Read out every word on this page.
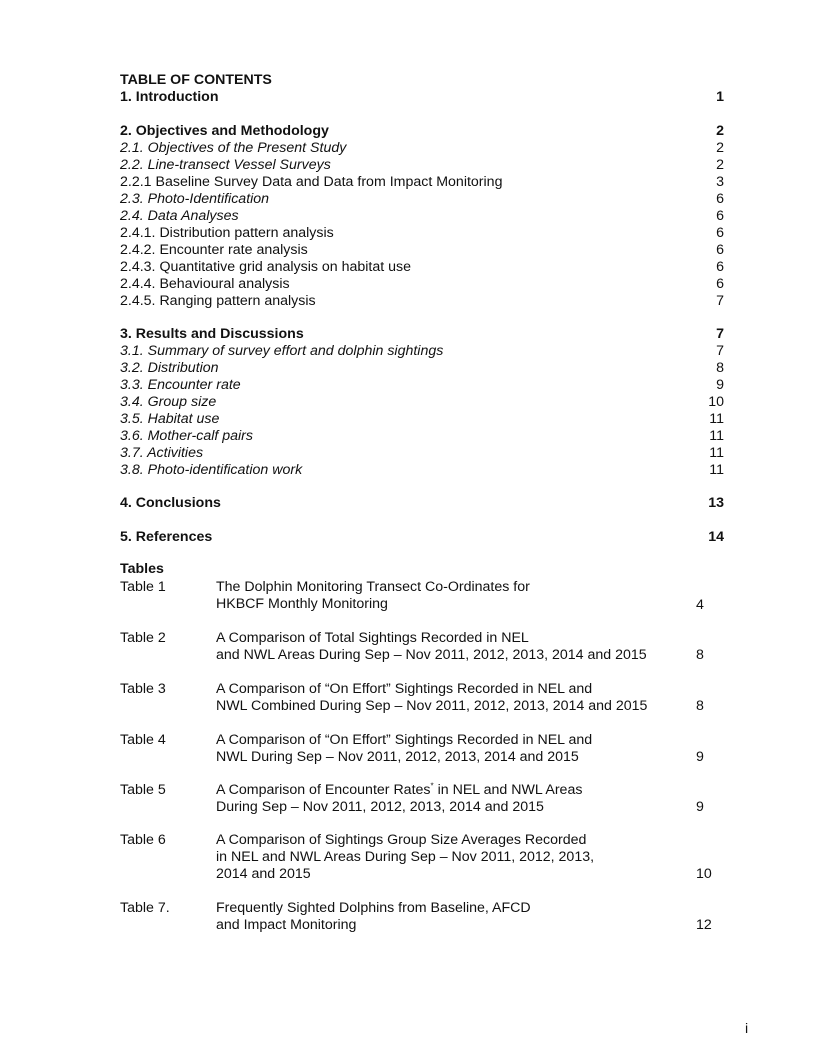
TABLE OF CONTENTS
1. Introduction	1
2. Objectives and Methodology	2
2.1. Objectives of the Present Study	2
2.2. Line-transect Vessel Surveys	2
2.2.1 Baseline Survey Data and Data from Impact Monitoring	3
2.3. Photo-Identification	6
2.4. Data Analyses	6
2.4.1. Distribution pattern analysis	6
2.4.2. Encounter rate analysis	6
2.4.3. Quantitative grid analysis on habitat use	6
2.4.4. Behavioural analysis	6
2.4.5. Ranging pattern analysis	7
3. Results and Discussions	7
3.1. Summary of survey effort and dolphin sightings	7
3.2. Distribution	8
3.3. Encounter rate	9
3.4. Group size	10
3.5. Habitat use	11
3.6. Mother-calf pairs	11
3.7. Activities	11
3.8. Photo-identification work	11
4. Conclusions	13
5. References	14
Tables
Table 1	The Dolphin Monitoring Transect Co-Ordinates for
HKBCF Monthly Monitoring	4
Table 2	A Comparison of Total Sightings Recorded in NEL
and NWL Areas During Sep – Nov 2011, 2012, 2013, 2014 and 2015	8
Table 3	A Comparison of “On Effort” Sightings Recorded in NEL and
NWL Combined During Sep – Nov 2011, 2012, 2013, 2014 and 2015	8
Table 4	A Comparison of “On Effort” Sightings Recorded in NEL and
NWL During Sep – Nov 2011, 2012, 2013, 2014 and 2015	9
Table 5	A Comparison of Encounter Rates* in NEL and NWL Areas
During Sep – Nov 2011, 2012, 2013, 2014 and 2015	9
Table 6	A Comparison of Sightings Group Size Averages Recorded
in NEL and NWL Areas During Sep – Nov 2011, 2012, 2013,
2014 and 2015	10
Table 7.	Frequently Sighted Dolphins from Baseline, AFCD
and Impact Monitoring	12
i
